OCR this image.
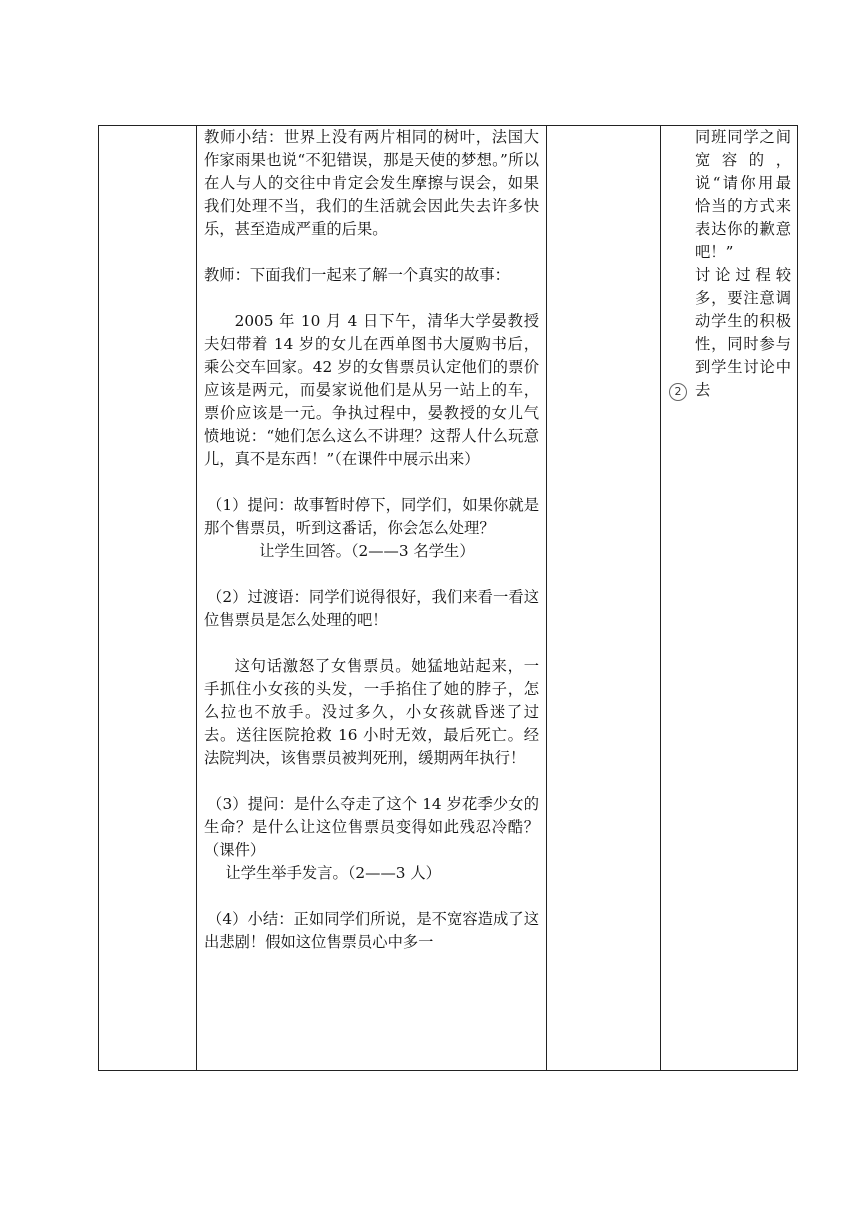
教师小结：世界上没有两片相同的树叶，法国大作家雨果也说“不犯错误，那是天使的梦想。”所以在人与人的交往中肯定会发生摩擦与误会，如果我们处理不当，我们的生活就会因此失去许多快乐，甚至造成严重的后果。

教师：下面我们一起来了解一个真实的故事：

2005 年 10 月 4 日下午，清华大学晏教授夫妇带着 14 岁的女儿在西单图书大厦购书后，乘公交车回家。42 岁的女售票员认定他们的票价应该是两元，而晏家说他们是从另一站上的车，票价应该是一元。争执过程中，晏教授的女儿气愤地说：“她们怎么这么不讲理？这帮人什么玩意儿，真不是东西！”（在课件中展示出来）

（1）提问：故事暂时停下，同学们，如果你就是那个售票员，听到这番话，你会怎么处理？

让学生回答。（2——3 名学生）

（2）过渡语：同学们说得很好，我们来看一看这位售票员是怎么处理的吧！

这句话激怒了女售票员。她猛地站起来，一手抓住小女孩的头发，一手掐住了她的脖子，怎么拉也不放手。没过多久，小女孩就昏迷了过去。送往医院抢救 16 小时无效，最后死亡。经法院判决，该售票员被判死刑，缓期两年执行！

（3）提问：是什么夺走了这个 14 岁花季少女的生命？是什么让这位售票员变得如此残忍冷酷？（课件）

让学生举手发言。（2——3 人）

（4）小结：正如同学们所说，是不宽容造成了这出悲剧！假如这位售票员心中多一

同班同学之间宽容的，说“请你用最恰当的方式来表达你的歉意吧！”

讨论过程较多，要注意调动学生的积极性，同时参与到学生讨论中去

2
